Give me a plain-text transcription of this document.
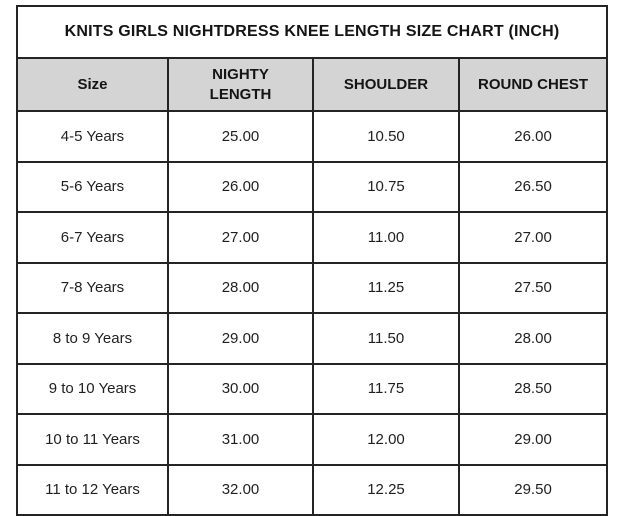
KNITS GIRLS NIGHTDRESS KNEE LENGTH SIZE CHART (INCH)			
Size	NIGHTY LENGTH	SHOULDER	ROUND CHEST
4-5 Years	25.00	10.50	26.00
5-6 Years	26.00	10.75	26.50
6-7 Years	27.00	11.00	27.00
7-8 Years	28.00	11.25	27.50
8 to 9 Years	29.00	11.50	28.00
9 to 10 Years	30.00	11.75	28.50
10 to 11 Years	31.00	12.00	29.00
11 to 12 Years	32.00	12.25	29.50
